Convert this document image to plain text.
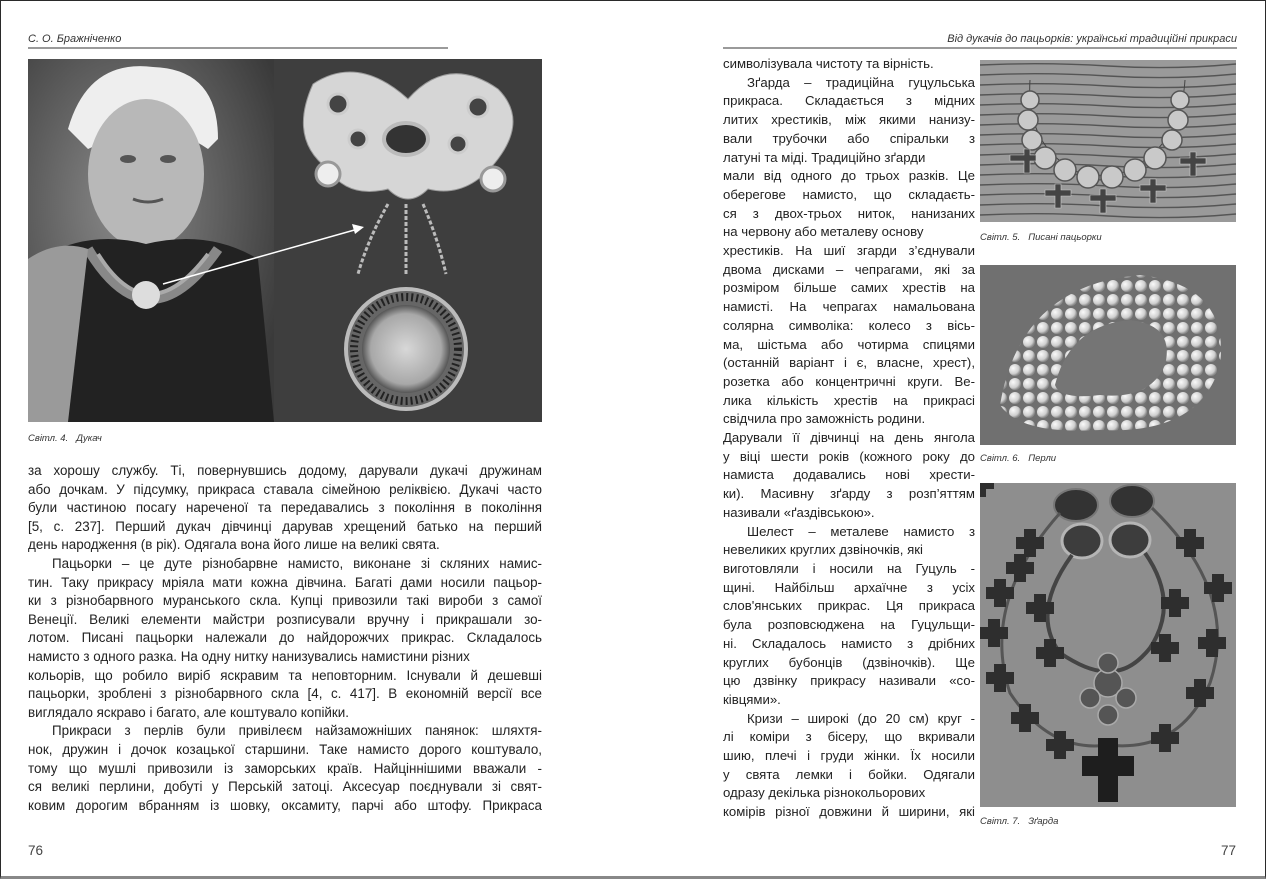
С. О. Бражніченко
Світл. 4. Дукач
за хорошу службу. Ті, повернувшись додому, дарували дукачі дружинам
або дочкам. У підсумку, прикраса ставала сімейною реліквією. Дукачі часто
були частиною посагу нареченої та передавались з покоління в покоління
[5, с. 237]. Перший дукач дівчинці дарував хрещений батько на перший
день народження (в рік). Одягала вона його лише на великі свята.
Пацьорки – це дуте різнобарвне намисто, виконане зі скляних намис-
тин. Таку прикрасу мріяла мати кожна дівчина. Багаті дами носили пацьор-
ки з різнобарвного муранського скла. Купці привозили такі вироби з самої
Венеції. Великі елементи майстри розписували вручну і прикрашали зо-
лотом. Писані пацьорки належали до найдорожчих прикрас. Складалось
намисто з одного разка. На одну нитку нанизувались намистини різних
кольорів, що робило виріб яскравим та неповторним. Існували й дешевші
пацьорки, зроблені з різнобарвного скла [4, с. 417]. В економній версії все
виглядало яскраво і багато, але коштувало копійки.
Прикраси з перлів були привілеєм найзаможніших панянок: шляхтя-
нок, дружин і дочок козацької старшини. Таке намисто дорого коштувало,
тому що мушлі привозили із заморських країв. Найціннішими вважали -
ся великі перлини, добуті у Перській затоці. Аксесуар поєднували зі свят-
ковим дорогим вбранням із шовку, оксамиту, парчі або штофу. Прикраса
76
Від дукачів до пацьорків: українські традиційні прикраси
символізувала чистоту та вірність.
Зґарда – традиційна гуцульська
прикраса. Складається з мідних
литих хрестиків, між якими нанизу-
вали трубочки або спіральки з
латуні та міді. Традиційно зґарди
мали від одного до трьох разків. Це
оберегове намисто, що складаєть-
ся з двох-трьох ниток, нанизаних
на червону або металеву основу
хрестиків. На шиї згарди з’єднували
двома дисками – чепрагами, які за
розміром більше самих хрестів на
намисті. На чепрагах намальована
солярна символіка: колесо з віcь-
ма, шістьма або чотирма спицями
(останній варіант і є, власне, хрест),
розетка або концентричні круги. Ве-
лика кількість хрестів на прикрасі
свідчила про заможність родини.
Дарували її дівчинці на день янгола
у віці шести років (кожного року до
намиста додавались нові хрести-
ки). Масивну зґарду з розп’яттям
називали «ґаздівською».
Шелест – металеве намисто з
невеликих круглих дзвіночків, які
виготовляли і носили на Гуцуль -
щині. Найбільш архаїчне з усіх
слов'янських прикрас. Ця прикраса
була розповсюджена на Гуцульщи-
ні. Складалось намисто з дрібних
круглих бубонців (дзвіночків). Ще
цю дзвінку прикрасу називали «со-
ківцями».
Кризи – широкі (до 20 см) круг -
лі коміри з бісеру, що вкривали
шию, плечі і груди жінки. Їх носили
у свята лемки і бойки. Одягали
одразу декілька різнокольорових
комірів різної довжини й ширини, які
Світл. 5. Писані пацьорки
Світл. 6. Перли
Світл. 7. Зґарда
77
